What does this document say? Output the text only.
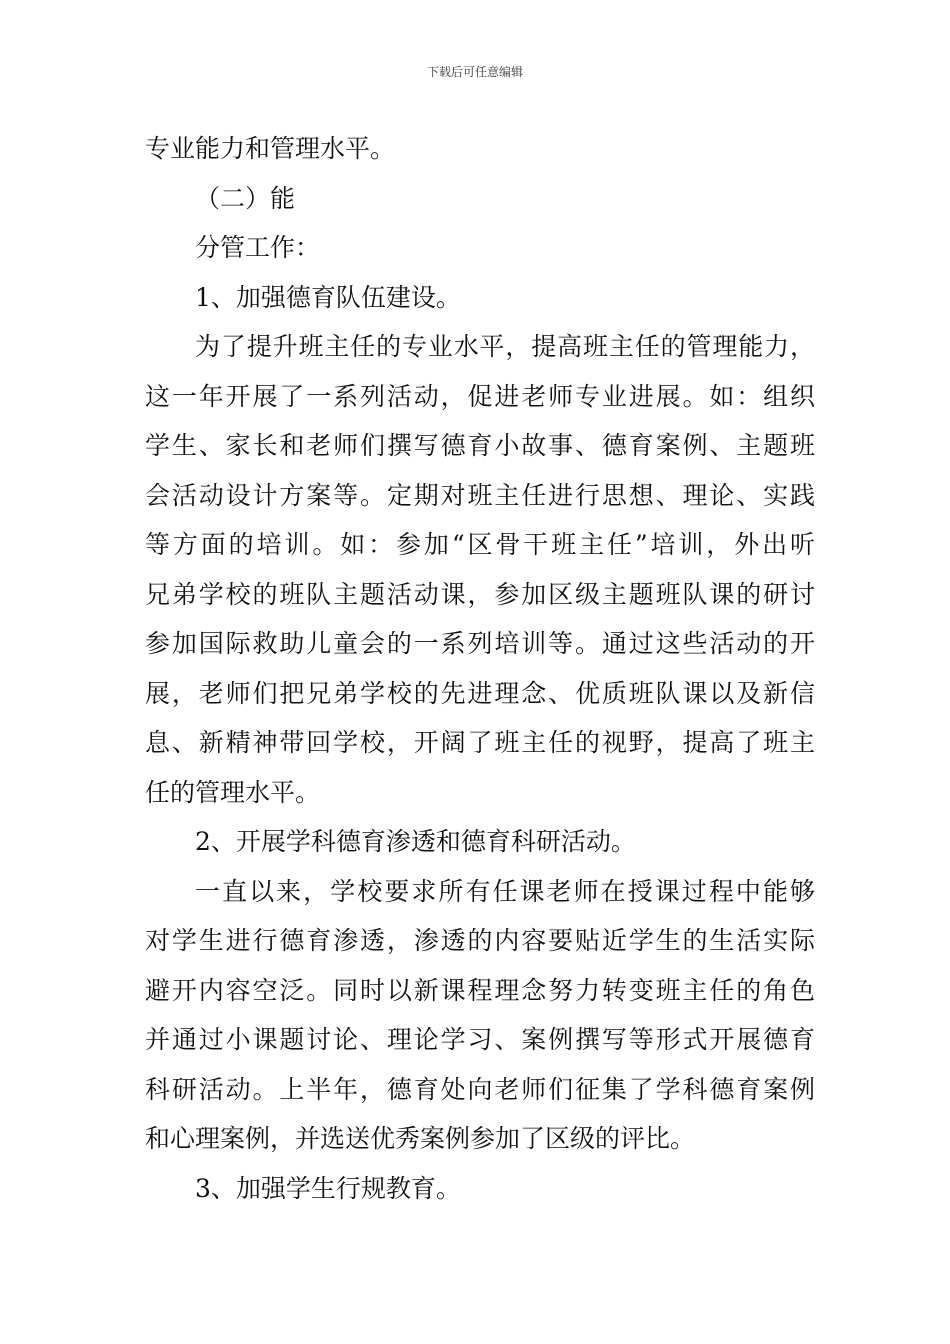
下载后可任意编辑
专业能力和管理水平。
（二）能
分管工作：
1、加强德育队伍建设。
为了提升班主任的专业水平，提高班主任的管理能力，
这一年开展了一系列活动，促进老师专业进展。如：组织
学生、家长和老师们撰写德育小故事、德育案例、主题班
会活动设计方案等。定期对班主任进行思想、理论、实践
等方面的培训。如：参加“区骨干班主任”培训，外出听
兄弟学校的班队主题活动课，参加区级主题班队课的研讨
参加国际救助儿童会的一系列培训等。通过这些活动的开
展，老师们把兄弟学校的先进理念、优质班队课以及新信
息、新精神带回学校，开阔了班主任的视野，提高了班主
任的管理水平。
2、开展学科德育渗透和德育科研活动。
一直以来，学校要求所有任课老师在授课过程中能够
对学生进行德育渗透，渗透的内容要贴近学生的生活实际
避开内容空泛。同时以新课程理念努力转变班主任的角色
并通过小课题讨论、理论学习、案例撰写等形式开展德育
科研活动。上半年，德育处向老师们征集了学科德育案例
和心理案例，并选送优秀案例参加了区级的评比。
3、加强学生行规教育。
